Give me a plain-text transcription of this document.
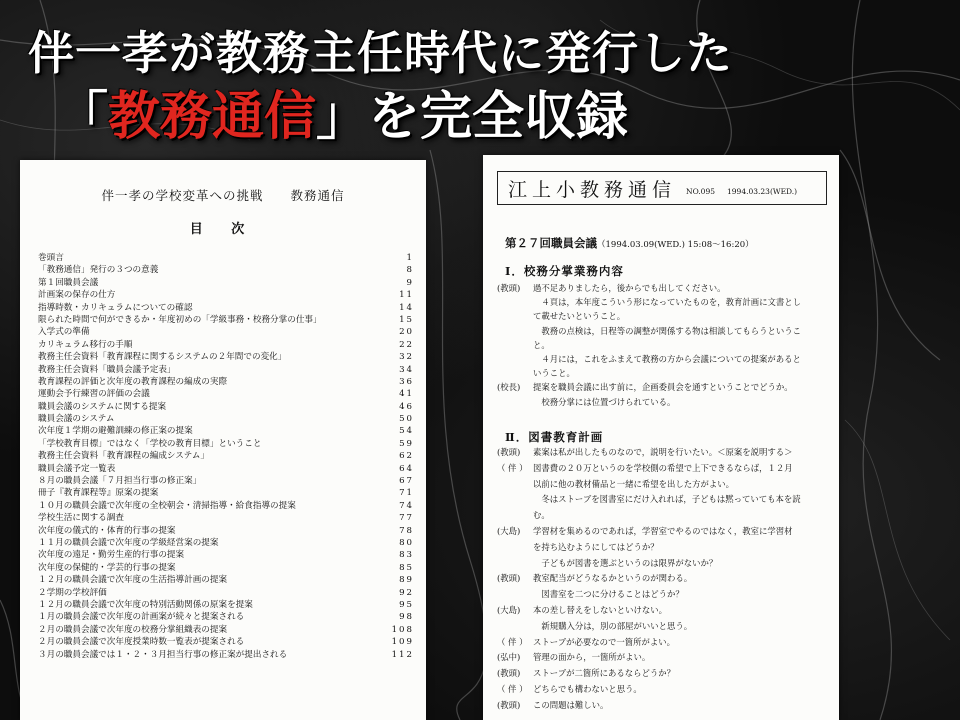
伴一孝が教務主任時代に発行した
「教務通信」を完全収録
伴一孝の学校変革への挑戦　　教務通信
目 次
巻頭言	1
「教務通信」発行の３つの意義	8
第１回職員会議	9
計画案の保存の仕方	11
指導時数・カリキュラムについての確認	14
限られた時間で何ができるか・年度初めの「学級事務・校務分掌の仕事」	15
入学式の準備	20
カリキュラム移行の手順	22
教務主任会資料「教育課程に関するシステムの２年間での変化」	32
教務主任会資料「職員会議予定表」	34
教育課程の評価と次年度の教育課程の編成の実際	36
運動会予行練習の評価の会議	41
職員会議のシステムに関する提案	46
職員会議のシステム	50
次年度１学期の避難訓練の修正案の提案	54
「学校教育目標」ではなく「学校の教育目標」ということ	59
教務主任会資料「教育課程の編成システム」	62
職員会議予定一覧表	64
８月の職員会議「７月担当行事の修正案」	67
冊子『教育課程等』原案の提案	71
１０月の職員会議で次年度の全校朝会・清掃指導・給食指導の提案	74
学校生活に関する調査	77
次年度の儀式的・体育的行事の提案	78
１１月の職員会議で次年度の学級経営案の提案	80
次年度の遠足・勤労生産的行事の提案	83
次年度の保健的・学芸的行事の提案	85
１２月の職員会議で次年度の生活指導計画の提案	89
２学期の学校評価	92
１２月の職員会議で次年度の特別活動関係の原案を提案	95
１月の職員会議で次年度の計画案が続々と提案される	98
２月の職員会議で次年度の校務分掌組織表の提案	108
２月の職員会議で次年度授業時数一覧表が提案される	109
３月の職員会議では１・２・３月担当行事の修正案が提出される	112
江上小教務通信 NO.095 1994.03.23(WED.)
第２７回職員会議（1994.03.09(WED.) 15:08〜16:20）
Ⅰ．校務分掌業務内容
Ⅱ．図書教育計画
(教頭) 過不足ありましたら，後からでも出してください。
　４頁は，本年度こういう形になっていたものを，教育計画に文書とし
て載せたいということ。
　教務の点検は，日程等の調整が関係する物は相談してもらうというこ
と。
　４月には，これをふまえて教務の方から会議についての提案があると
いうこと。
(校長) 提案を職員会議に出す前に，企画委員会を通すということでどうか。
　校務分掌には位置づけられている。
(教頭) 素案は私が出したものなので，説明を行いたい。＜原案を説明する＞
（ 伴 ） 図書費の２０万というのを学校側の希望で上下できるならば，１２月
以前に他の教材備品と一緒に希望を出した方がよい。
　冬はストーブを図書室にだけ入れれば，子どもは黙っていても本を読
む。
(大島) 学習材を集めるのであれば，学習室でやるのではなく，教室に学習材
を持ち込むようにしてはどうか？
　子どもが図書を選ぶというのは限界がないか？
(教頭) 教室配当がどうなるかというのが関わる。
　図書室を二つに分けることはどうか？
(大島) 本の差し替えをしないといけない。
　新規購入分は，別の部屋がいいと思う。
（ 伴 ） ストーブが必要なので一箇所がよい。
(弘中) 管理の面から，一箇所がよい。
(教頭) ストーブが二箇所にあるならどうか？
（ 伴 ） どちらでも構わないと思う。
(教頭) この問題は難しい。
